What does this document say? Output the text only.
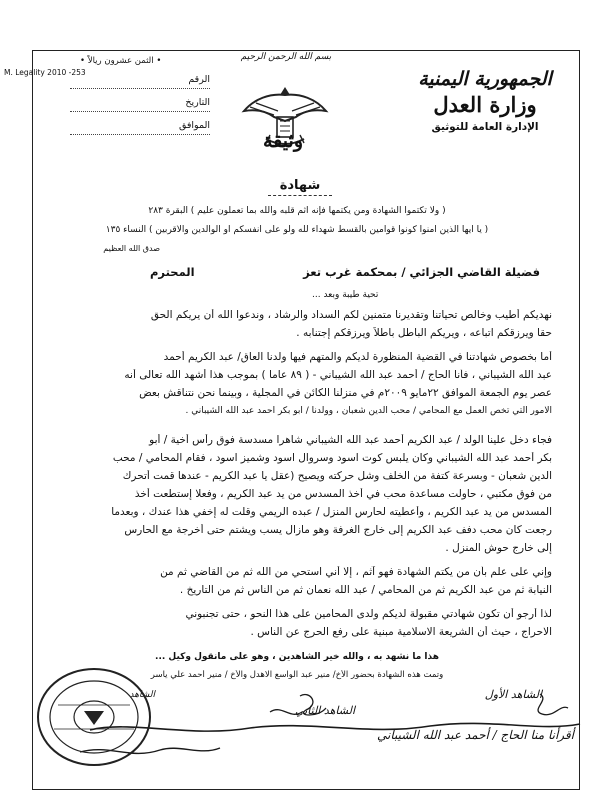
• الثمن عشرون ريالاً •
M. Legality 2010 -253
الرقم
التاريخ
الموافق
بسم الله الرحمن الرحيم
وثيقة
الجمهورية اليمنية
وزارة العدل
الإدارة العامة للتوثيق
شهادة
( ولا تكتموا الشهادة ومن يكتمها فإنه آثم قلبه والله بما تعملون عليم ) البقرة ٢٨٣
( يا أيها الذين آمنوا كونوا قوامين بالقسط شهداء لله ولو على أنفسكم أو الوالدين والأقربين ) النساء ١٣٥
صدق الله العظيم
فضيلة القاضي الجزائي / بمحكمة غرب تعز
المحترم
تحية طيبة وبعد ...
نهديكم أطيب وخالص تحياتنا وتقديرنا متمنين لكم السداد والرشاد ، وندعوا الله أن يريكم الحق
حقا ويرزقكم اتباعه ، ويريكم الباطل باطلاً ويرزقكم إجتنابه .
أما بخصوص شهادتنا في القضية المنظورة لديكم والمتهم فيها ولدنا العاق/ عبد الكريم أحمد
عبد الله الشيباني ، فأنا الحاج / أحمد عبد الله الشيباني - ( ٨٩ عاما ) بموجب هذا أشهد الله تعالى أنه
عصر يوم الجمعة الموافق ٢٢مايو ٢٠٠٩م في منزلنا الكائن في المجلية ، وبينما نحن نتناقش بعض
الامور التي تخص العمل مع المحامي / محب الدين شعبان ، وولدنا / أبو بكر أحمد عبد الله الشيباني .
فجاء دخل علينا الولد / عبد الكريم أحمد عبد الله الشيباني شاهرا مسدسة فوق رأس أخية / أبو
بكر أحمد عبد الله الشيباني وكان يلبس كوت اسود وسروال اسود وشميز اسود ، فقام المحامي / محب
الدين شعبان - وبسرعة كتفة من الخلف وشل حركته ويصيح (عقل يا عبد الكريم - عندها قمت أتحرك
من فوق مكتبي ، حاولت مساعدة محب في أخذ المسدس من يد عبد الكريم ، وفعلا إستطعت أخذ
المسدس من يد عبد الكريم ، وأعطيته لحارس المنزل / عبده الريمي وقلت له إخفي هذا عندك ، وبعدما
رجعت كان محب دفف عبد الكريم إلى خارج الغرفة وهو مازال يسب ويشتم حتى أخرجة مع الحارس
إلى خارج حوش المنزل .
وإني على علم بأن من يكتم الشهادة فهو آثم ، إلا أني استحي من الله ثم من القاضي ثم من
النيابة ثم من عبد الكريم ثم من المحامي / عبد الله نعمان ثم من الناس ثم من التاريخ .
لذا أرجو أن تكون شهادتي مقبولة لديكم ولدى المحامين على هذا النحو ، حتى تجنبوني
الاحراج ، حيث أن الشريعة الاسلامية مبنية على رفع الحرج عن الناس .
هذا ما نشهد به ، والله خير الشاهدين ، وهو على مانقول وكيل ...
وتمت هذه الشهادة بحضور الأخ/ منير عبد الواسع الاهدل والأخ / منير أحمد علي ياسر
الشاهد الأول
الشاهد الثاني
الشاهد
أقرأنا منا الحاج / أحمد عبد الله الشيباني
